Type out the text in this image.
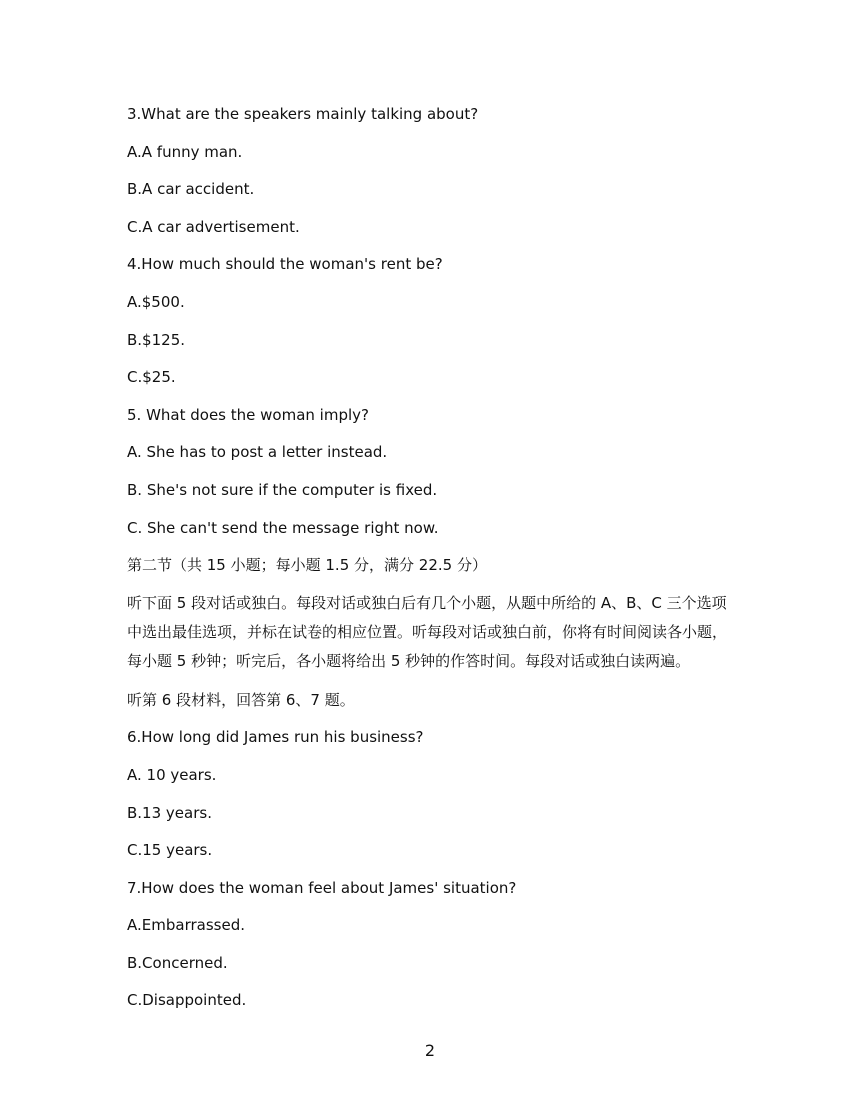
3.What are the speakers mainly talking about?
A.A funny man.
B.A car accident.
C.A car advertisement.
4.How much should the woman's rent be?
A.$500.
B.$125.
C.$25.
5. What does the woman imply?
A. She has to post a letter instead.
B. She's not sure if the computer is fixed.
C. She can't send the message right now.
第二节（共 15 小题；每小题 1.5 分，满分 22.5 分）
听下面 5 段对话或独白。每段对话或独白后有几个小题，从题中所给的 A、B、C 三个选项中选出最佳选项，并标在试卷的相应位置。听每段对话或独白前，你将有时间阅读各小题，每小题 5 秒钟；听完后，各小题将给出 5 秒钟的作答时间。每段对话或独白读两遍。
听第 6 段材料，回答第 6、7 题。
6.How long did James run his business?
A. 10 years.
B.13 years.
C.15 years.
7.How does the woman feel about James' situation?
A.Embarrassed.
B.Concerned.
C.Disappointed.
2
